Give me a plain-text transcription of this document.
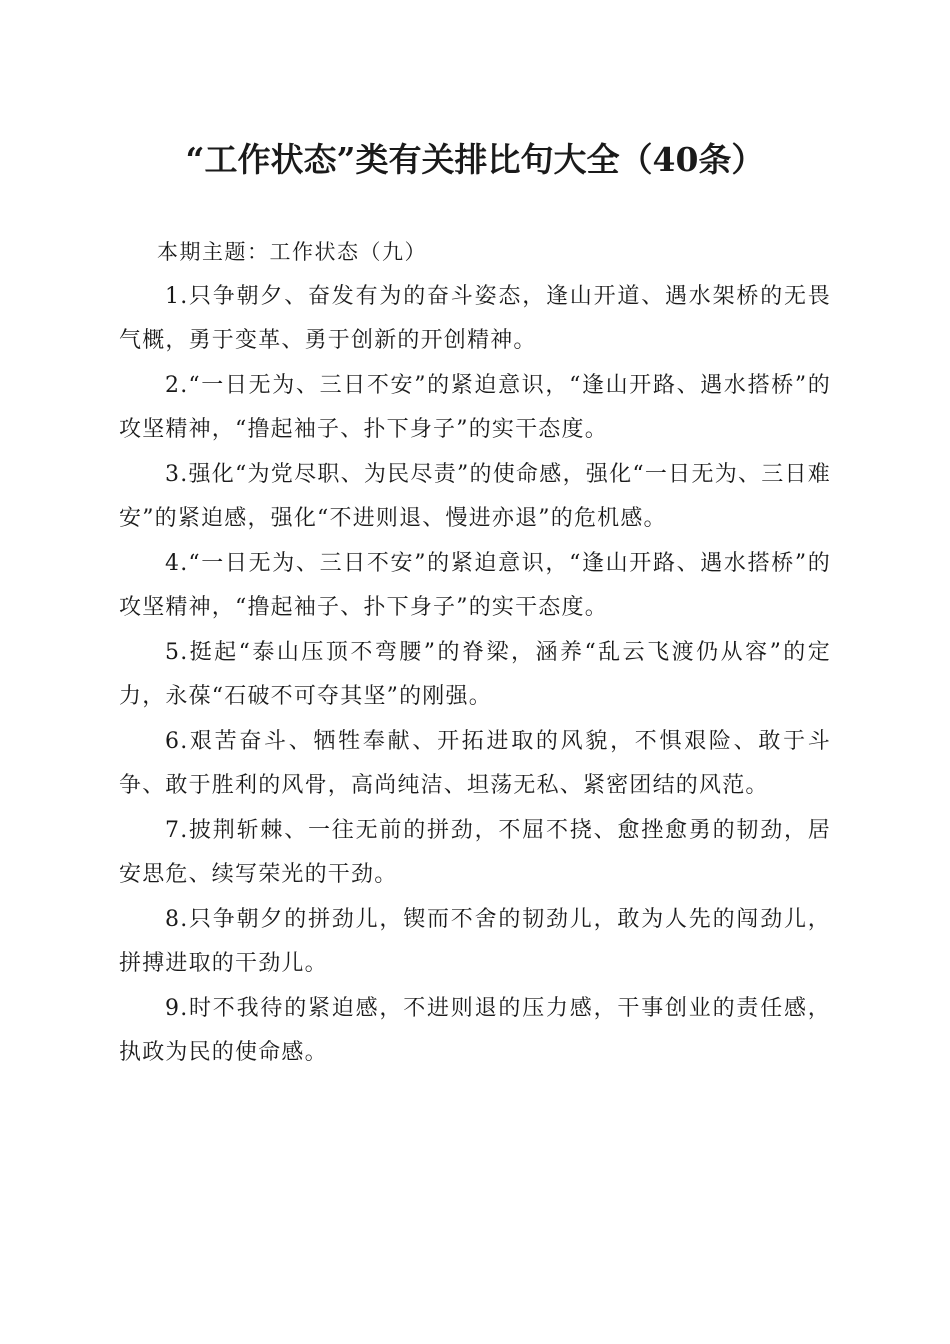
“工作状态”类有关排比句大全（40条）

本期主题：工作状态（九）

1.只争朝夕、奋发有为的奋斗姿态，逢山开道、遇水架桥的无畏气概，勇于变革、勇于创新的开创精神。

2.“一日无为、三日不安”的紧迫意识，“逢山开路、遇水搭桥”的攻坚精神，“撸起袖子、扑下身子”的实干态度。

3.强化“为党尽职、为民尽责”的使命感，强化“一日无为、三日难安”的紧迫感，强化“不进则退、慢进亦退”的危机感。

4.“一日无为、三日不安”的紧迫意识，“逢山开路、遇水搭桥”的攻坚精神，“撸起袖子、扑下身子”的实干态度。

5.挺起“泰山压顶不弯腰”的脊梁，涵养“乱云飞渡仍从容”的定力，永葆“石破不可夺其坚”的刚强。

6.艰苦奋斗、牺牲奉献、开拓进取的风貌，不惧艰险、敢于斗争、敢于胜利的风骨，高尚纯洁、坦荡无私、紧密团结的风范。

7.披荆斩棘、一往无前的拼劲，不屈不挠、愈挫愈勇的韧劲，居安思危、续写荣光的干劲。

8.只争朝夕的拼劲儿，锲而不舍的韧劲儿，敢为人先的闯劲儿，拼搏进取的干劲儿。

9.时不我待的紧迫感，不进则退的压力感，干事创业的责任感，执政为民的使命感。
